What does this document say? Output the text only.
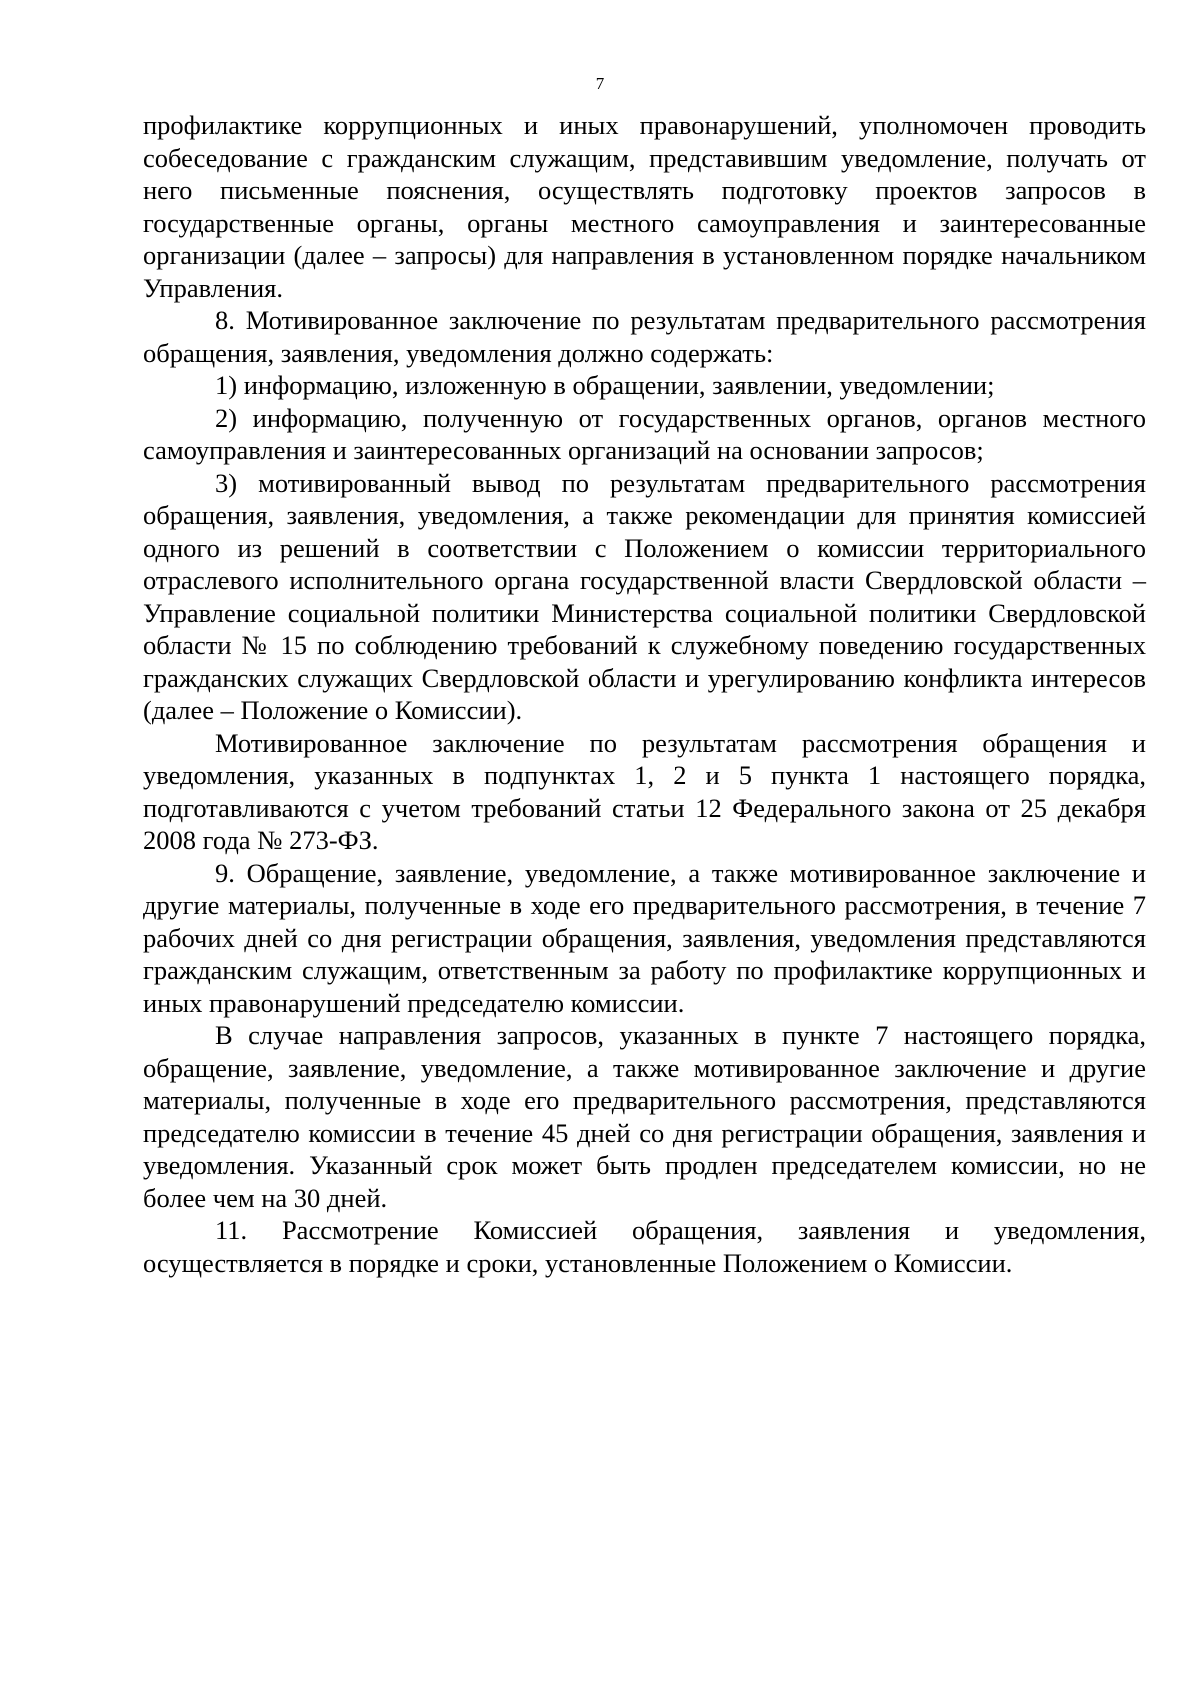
7

профилактике коррупционных и иных правонарушений, уполномочен проводить собеседование с гражданским служащим, представившим уведомление, получать от него письменные пояснения, осуществлять подготовку проектов запросов в государственные органы, органы местного самоуправления и заинтересованные организации (далее – запросы) для направления в установленном порядке начальником Управления.

8. Мотивированное заключение по результатам предварительного рассмотрения обращения, заявления, уведомления должно содержать:

1) информацию, изложенную в обращении, заявлении, уведомлении;

2) информацию, полученную от государственных органов, органов местного самоуправления и заинтересованных организаций на основании запросов;

3) мотивированный вывод по результатам предварительного рассмотрения обращения, заявления, уведомления, а также рекомендации для принятия комиссией одного из решений в соответствии с Положением о комиссии территориального отраслевого исполнительного органа государственной власти Свердловской области – Управление социальной политики Министерства социальной политики Свердловской области № 15 по соблюдению требований к служебному поведению государственных гражданских служащих Свердловской области и урегулированию конфликта интересов (далее – Положение о Комиссии).

Мотивированное заключение по результатам рассмотрения обращения и уведомления, указанных в подпунктах 1, 2 и 5 пункта 1 настоящего порядка, подготавливаются с учетом требований статьи 12 Федерального закона от 25 декабря 2008 года № 273-ФЗ.

9. Обращение, заявление, уведомление, а также мотивированное заключение и другие материалы, полученные в ходе его предварительного рассмотрения, в течение 7 рабочих дней со дня регистрации обращения, заявления, уведомления представляются гражданским служащим, ответственным за работу по профилактике коррупционных и иных правонарушений председателю комиссии.

В случае направления запросов, указанных в пункте 7 настоящего порядка, обращение, заявление, уведомление, а также мотивированное заключение и другие материалы, полученные в ходе его предварительного рассмотрения, представляются председателю комиссии в течение 45 дней со дня регистрации обращения, заявления и уведомления. Указанный срок может быть продлен председателем комиссии, но не более чем на 30 дней.

11. Рассмотрение Комиссией обращения, заявления и уведомления, осуществляется в порядке и сроки, установленные Положением о Комиссии.
